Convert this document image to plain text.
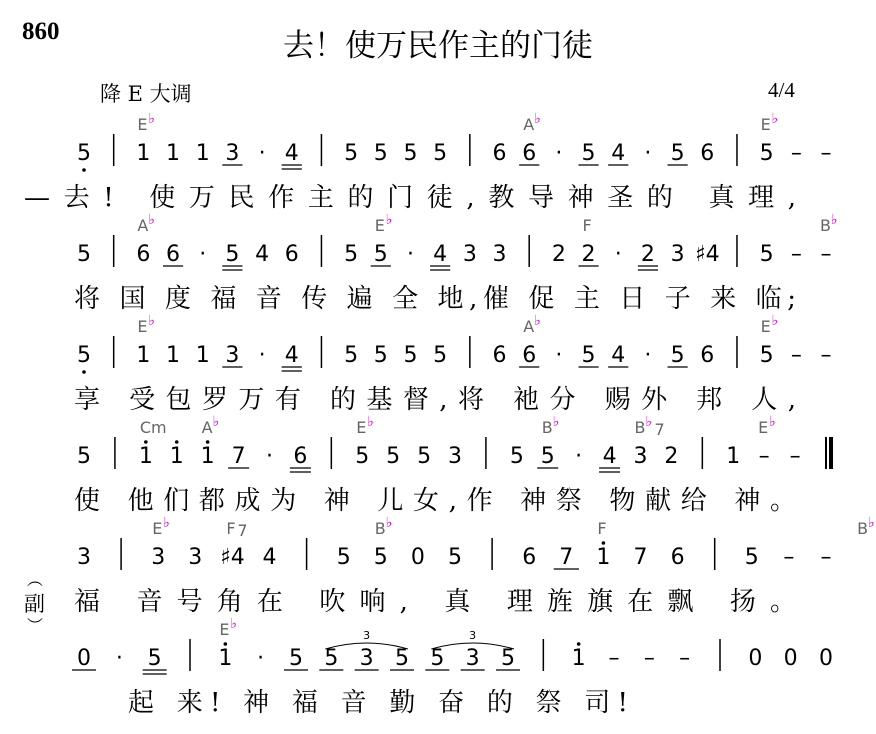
860	去！使万民作主的门徒
降 E 大调	4/4
︵
副
︶
5 1 1 1 3 · 4 5 5 5 5 6 6 · 5 4 · 5 6 5 – –
E ♭	A ♭	E ♭
—去! 使万民作主的门徒,教导神圣的 真理,
5 6 6 · 5 4 6 5 5 · 4 3 3 2 2 · 2 3 ♯4 5 – –
A ♭	E ♭	F	B ♭
将 国 度 福 音 传 遍 全 地,催 促 主 日 子 来 临;
5 1 1 1 3 · 4 5 5 5 5 6 6 · 5 4 · 5 6 5 – –
E ♭	A ♭	E ♭
享 受包罗万有 的基督,将 祂分 赐外 邦 人,
5 1 1 1 7 · 6 5 5 5 3 5 5 · 4 3 2 1 – –
Cm A ♭	E ♭	B ♭	B ♭ 7	E ♭
使 他们都成为 神 儿女,作 神祭 物献给 神。
3	3 3 ♯4 4	5 5 0 5	6 7 1 7 6	5 – –
E ♭	F 7	B ♭	F	B ♭
福 音号角在 吹响, 真 理旌旗在飘 扬。
0 · 5	1 · 5 5 3 5 5 3 5	1 – – –	0 0 0
E ♭
3	3
起 来! 神 福 音 勤 奋 的 祭 司!
